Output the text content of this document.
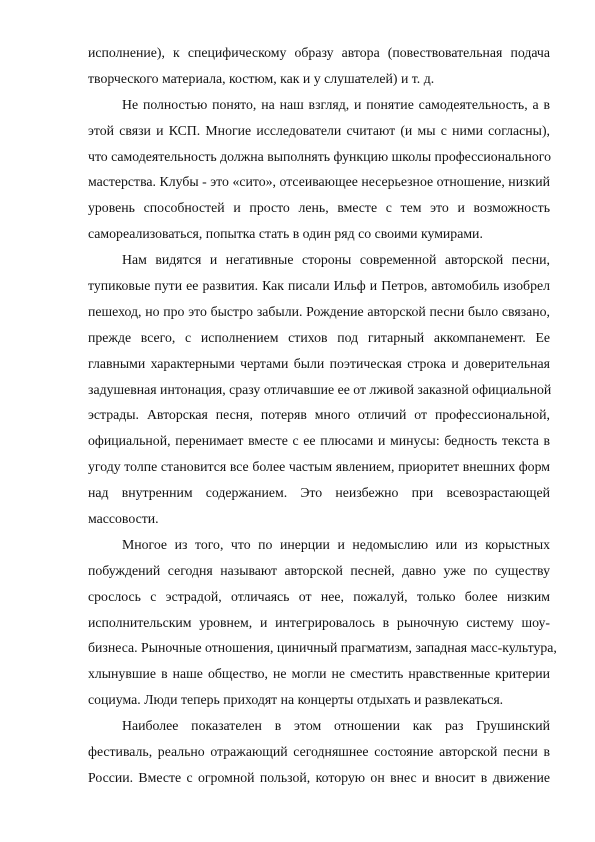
исполнение), к специфическому образу автора (повествовательная подача
творческого материала, костюм, как и у слушателей) и т. д.
Не полностью понято, на наш взгляд, и понятие самодеятельность, а в
этой связи и КСП. Многие исследователи считают (и мы с ними согласны),
что самодеятельность должна выполнять функцию школы профессионального
мастерства. Клубы - это «сито», отсеивающее несерьезное отношение, низкий
уровень способностей и просто лень, вместе с тем это и возможность
самореализоваться, попытка стать в один ряд со своими кумирами.
Нам видятся и негативные стороны современной авторской песни,
тупиковые пути ее развития. Как писали Ильф и Петров, автомобиль изобрел
пешеход, но про это быстро забыли. Рождение авторской песни было связано,
прежде всего, с исполнением стихов под гитарный аккомпанемент. Ее
главными характерными чертами были поэтическая строка и доверительная
задушевная интонация, сразу отличавшие ее от лживой заказной официальной
эстрады. Авторская песня, потеряв много отличий от профессиональной,
официальной, перенимает вместе с ее плюсами и минусы: бедность текста в
угоду толпе становится все более частым явлением, приоритет внешних форм
над внутренним содержанием. Это неизбежно при всевозрастающей
массовости.
Многое из того, что по инерции и недомыслию или из корыстных
побуждений сегодня называют авторской песней, давно уже по существу
срослось с эстрадой, отличаясь от нее, пожалуй, только более низким
исполнительским уровнем, и интегрировалось в рыночную систему шоу-
бизнеса. Рыночные отношения, циничный прагматизм, западная масс-культура,
хлынувшие в наше общество, не могли не сместить нравственные критерии
социума. Люди теперь приходят на концерты отдыхать и развлекаться.
Наиболее показателен в этом отношении как раз Грушинский
фестиваль, реально отражающий сегодняшнее состояние авторской песни в
России. Вместе с огромной пользой, которую он внес и вносит в движение
